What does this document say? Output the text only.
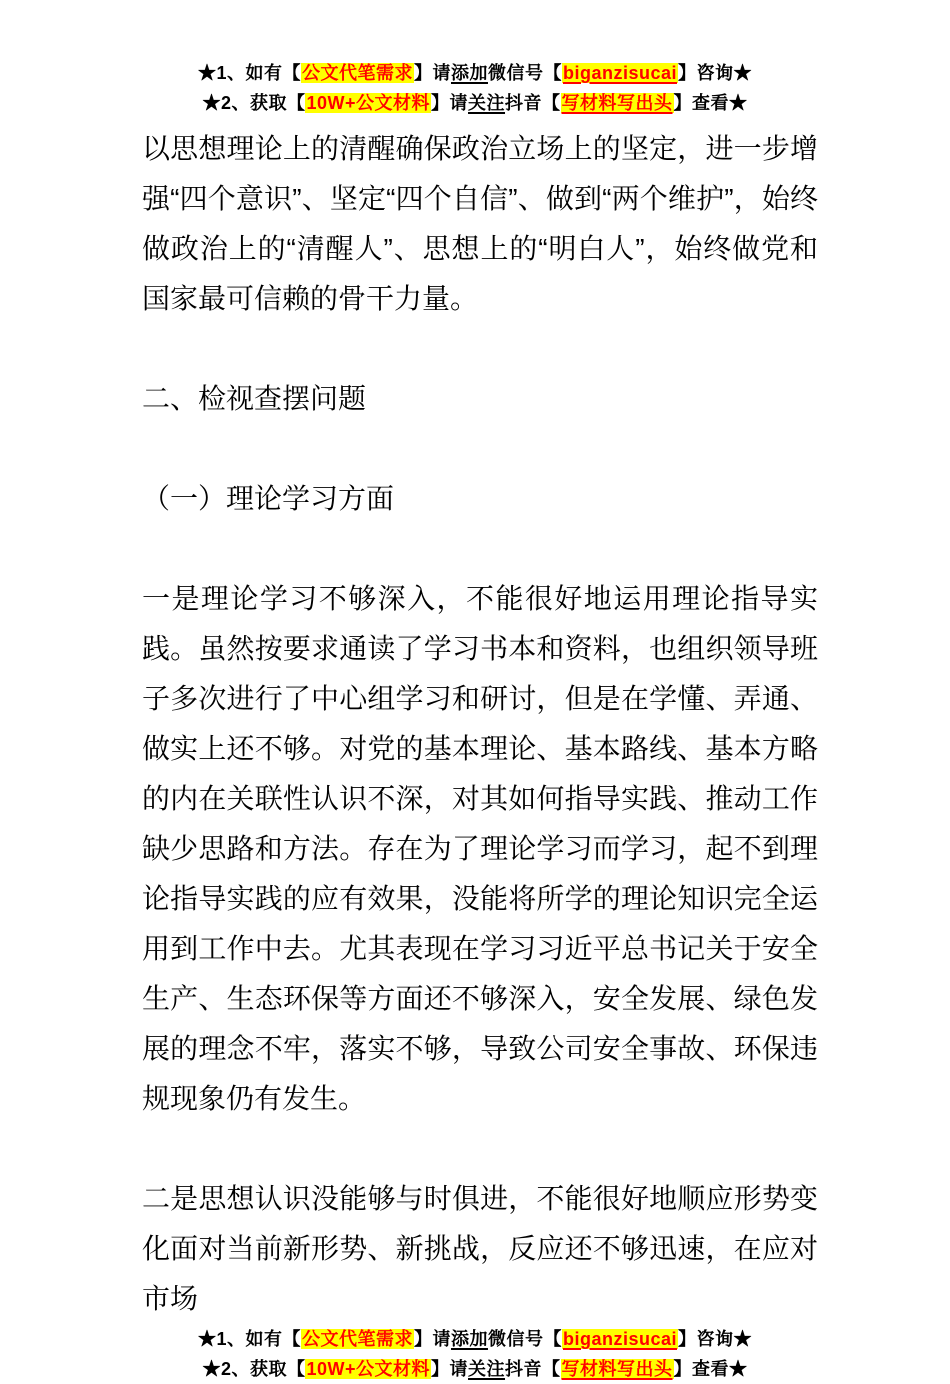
★1、如有【公文代笔需求】请添加微信号【biganzisucai】咨询★
★2、获取【10W+公文材料】请关注抖音【写材料写出头】查看★
以思想理论上的清醒确保政治立场上的坚定，进一步增强“四个意识”、坚定“四个自信”、做到“两个维护”，始终做政治上的“清醒人”、思想上的“明白人”，始终做党和国家最可信赖的骨干力量。
二、检视查摆问题
（一）理论学习方面
一是理论学习不够深入，不能很好地运用理论指导实践。虽然按要求通读了学习书本和资料，也组织领导班子多次进行了中心组学习和研讨，但是在学懂、弄通、做实上还不够。对党的基本理论、基本路线、基本方略的内在关联性认识不深，对其如何指导实践、推动工作缺少思路和方法。存在为了理论学习而学习，起不到理论指导实践的应有效果，没能将所学的理论知识完全运用到工作中去。尤其表现在学习习近平总书记关于安全生产、生态环保等方面还不够深入，安全发展、绿色发展的理念不牢，落实不够，导致公司安全事故、环保违规现象仍有发生。
二是思想认识没能够与时俱进，不能很好地顺应形势变化面对当前新形势、新挑战，反应还不够迅速，在应对市场
★1、如有【公文代笔需求】请添加微信号【biganzisucai】咨询★
★2、获取【10W+公文材料】请关注抖音【写材料写出头】查看★
